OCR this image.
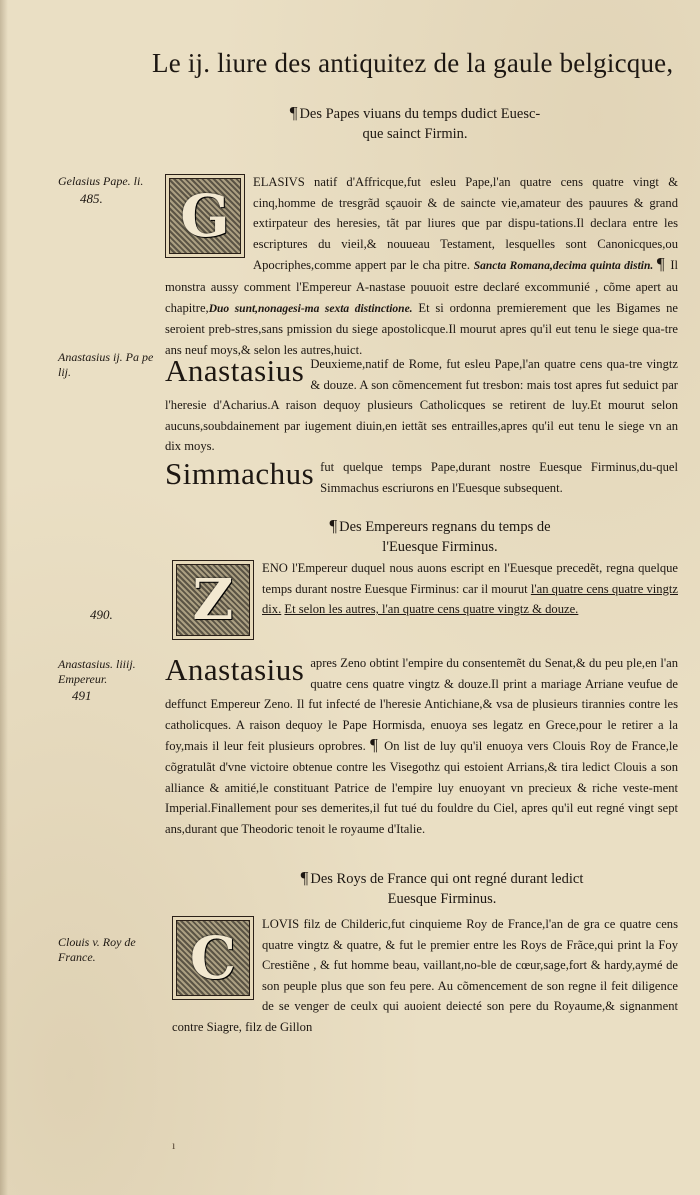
Le ij. liure des antiquitez de la gaule belgicque,
¶ Des Papes viuans du temps dudict Euesc-
que sainct Firmin.
Gelasius Pape. li.
485.
Anastasius ij. Pa pe lij.
490.
Anastasius. liiij. Empereur.
491
Clouis v. Roy de France.
G	ELASIVS natif d'Affricque,fut esleu Pape,l'an quatre cens quatre vingt & cinq,homme de tresgrãd sçauoir & de saincte vie,amateur des pauures & grand extirpateur des heresies, tãt par liures que par dispu-tations.Il declara entre les escriptures du vieil,& nouueau Testament, lesquelles sont Canonicques,ou Apocriphes,comme appert par le cha pitre. Sancta Romana,decima quinta distin. ¶ Il monstra aussy comment l'Empereur A-nastase pouuoit estre declaré excommunié , cõme apert au chapitre,Duo sunt,nonagesi-ma sexta distinctione. Et si ordonna premierement que les Bigames ne seroient preb-stres,sans pmission du siege apostolicque.Il mourut apres qu'il eut tenu le siege qua-tre ans neuf moys,& selon les autres,huict.

Anastasius Deuxieme,natif de Rome, fut esleu Pape,l'an quatre cens qua-tre vingtz & douze. A son cõmencement fut tresbon: mais tost apres fut seduict par l'heresie d'Acharius.A raison dequoy plusieurs Catholicques se retirent de luy.Et mourut selon aucuns,soubdainement par iugement diuin,en iettãt ses entrailles,apres qu'il eut tenu le siege vn an dix moys.

Simmachus fut quelque temps Pape,durant nostre Euesque Firminus,du-quel Simmachus escriurons en l'Euesque subsequent.

¶ Des Empereurs regnans du temps de
l'Euesque Firminus.
Z	ENO l'Empereur duquel nous auons escript en l'Euesque precedẽt, regna quelque temps durant nostre Euesque Firminus: car il mourut l'an quatre cens quatre vingtz dix. Et selon les autres, l'an quatre cens quatre vingtz & douze.

Anastasius apres Zeno obtint l'empire du consentemẽt du Senat,& du peu ple,en l'an quatre cens quatre vingtz & douze.Il print a mariage Arriane veufue de deffunct Empereur Zeno. Il fut infecté de l'heresie Antichiane,& vsa de plusieurs tirannies contre les catholicques. A raison dequoy le Pape Hormisda, enuoya ses legatz en Grece,pour le retirer a la foy,mais il leur feit plusieurs oprobres. ¶ On list de luy qu'il enuoya vers Clouis Roy de France,le cõgratulãt d'vne victoire obtenue contre les Visegothz qui estoient Arrians,& tira ledict Clouis a son alliance & amitié,le constituant Patrice de l'empire luy enuoyant vn precieux & riche veste-ment Imperial.Finallement pour ses demerites,il fut tué du fouldre du Ciel, apres qu'il eut regné vingt sept ans,durant que Theodoric tenoit le royaume d'Italie.

¶ Des Roys de France qui ont regné durant ledict
Euesque Firminus.
C	LOVIS filz de Childeric,fut cinquieme Roy de France,l'an de gra ce quatre cens quatre vingtz & quatre, & fut le premier entre les Roys de Frãce,qui print la Foy Crestiẽne , & fut homme beau, vaillant,no-ble de cœur,sage,fort & hardy,aymé de son peuple plus que son feu pere. Au cõmencement de son regne il feit diligence de se venger de ceulx qui auoient deiecté son pere du Royaume,& signanment contre Siagre, filz de Gillon

ı
